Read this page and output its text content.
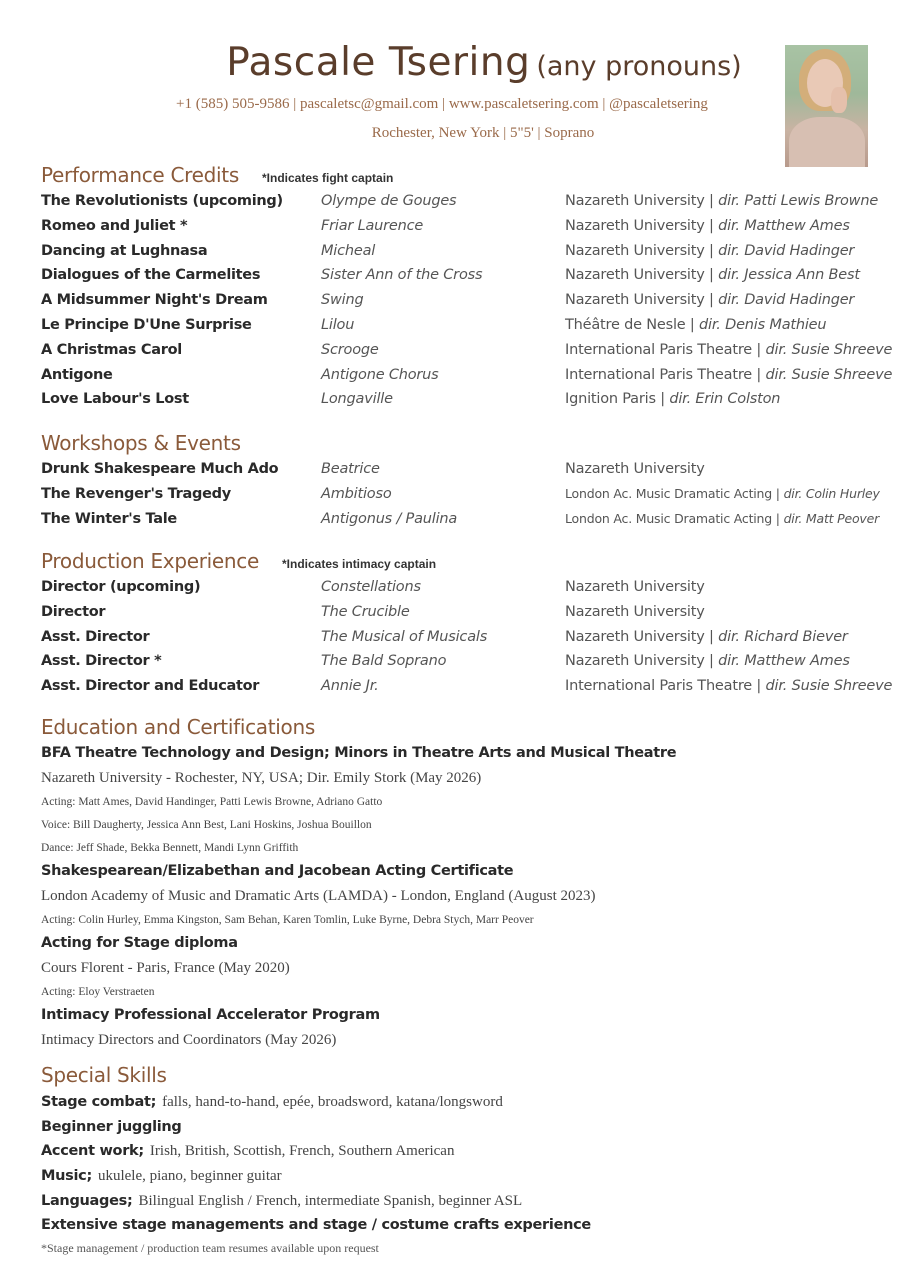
Pascale Tsering (any pronouns)
+1 (585) 505-9586 | pascaletsc@gmail.com | www.pascaletsering.com | @pascaletsering
Rochester, New York | 5"5' | Soprano
Performance Credits *Indicates fight captain
The Revolutionists (upcoming)	Olympe de Gouges	Nazareth University | dir. Patti Lewis Browne
Romeo and Juliet *	Friar Laurence	Nazareth University | dir. Matthew Ames
Dancing at Lughnasa	Micheal	Nazareth University | dir. David Hadinger
Dialogues of the Carmelites	Sister Ann of the Cross	Nazareth University | dir. Jessica Ann Best
A Midsummer Night's Dream	Swing	Nazareth University | dir. David Hadinger
Le Principe D'Une Surprise	Lilou	Théâtre de Nesle | dir. Denis Mathieu
A Christmas Carol	Scrooge	International Paris Theatre | dir. Susie Shreeve
Antigone	Antigone Chorus	International Paris Theatre | dir. Susie Shreeve
Love Labour's Lost	Longaville	Ignition Paris | dir. Erin Colston
Workshops & Events
Drunk Shakespeare Much Ado	Beatrice	Nazareth University
The Revenger's Tragedy	Ambitioso	London Ac. Music Dramatic Acting | dir. Colin Hurley
The Winter's Tale	Antigonus / Paulina	London Ac. Music Dramatic Acting | dir. Matt Peover
Production Experience *Indicates intimacy captain
Director (upcoming)	Constellations	Nazareth University
Director	The Crucible	Nazareth University
Asst. Director	The Musical of Musicals	Nazareth University | dir. Richard Biever
Asst. Director *	The Bald Soprano	Nazareth University | dir. Matthew Ames
Asst. Director and Educator	Annie Jr.	International Paris Theatre | dir. Susie Shreeve
Education and Certifications
BFA Theatre Technology and Design; Minors in Theatre Arts and Musical Theatre
Nazareth University - Rochester, NY, USA; Dir. Emily Stork (May 2026)
Acting: Matt Ames, David Handinger, Patti Lewis Browne, Adriano Gatto
Voice: Bill Daugherty, Jessica Ann Best, Lani Hoskins, Joshua Bouillon
Dance: Jeff Shade, Bekka Bennett, Mandi Lynn Griffith
Shakespearean/Elizabethan and Jacobean Acting Certificate
London Academy of Music and Dramatic Arts (LAMDA) - London, England (August 2023)
Acting: Colin Hurley, Emma Kingston, Sam Behan, Karen Tomlin, Luke Byrne, Debra Stych, Marr Peover
Acting for Stage diploma
Cours Florent - Paris, France (May 2020)
Acting: Eloy Verstraeten
Intimacy Professional Accelerator Program
Intimacy Directors and Coordinators (May 2026)
Special Skills
Stage combat; falls, hand-to-hand, epée, broadsword, katana/longsword
Beginner juggling
Accent work; Irish, British, Scottish, French, Southern American
Music; ukulele, piano, beginner guitar
Languages; Bilingual English / French, intermediate Spanish, beginner ASL
Extensive stage managements and stage / costume crafts experience
*Stage management / production team resumes available upon request
